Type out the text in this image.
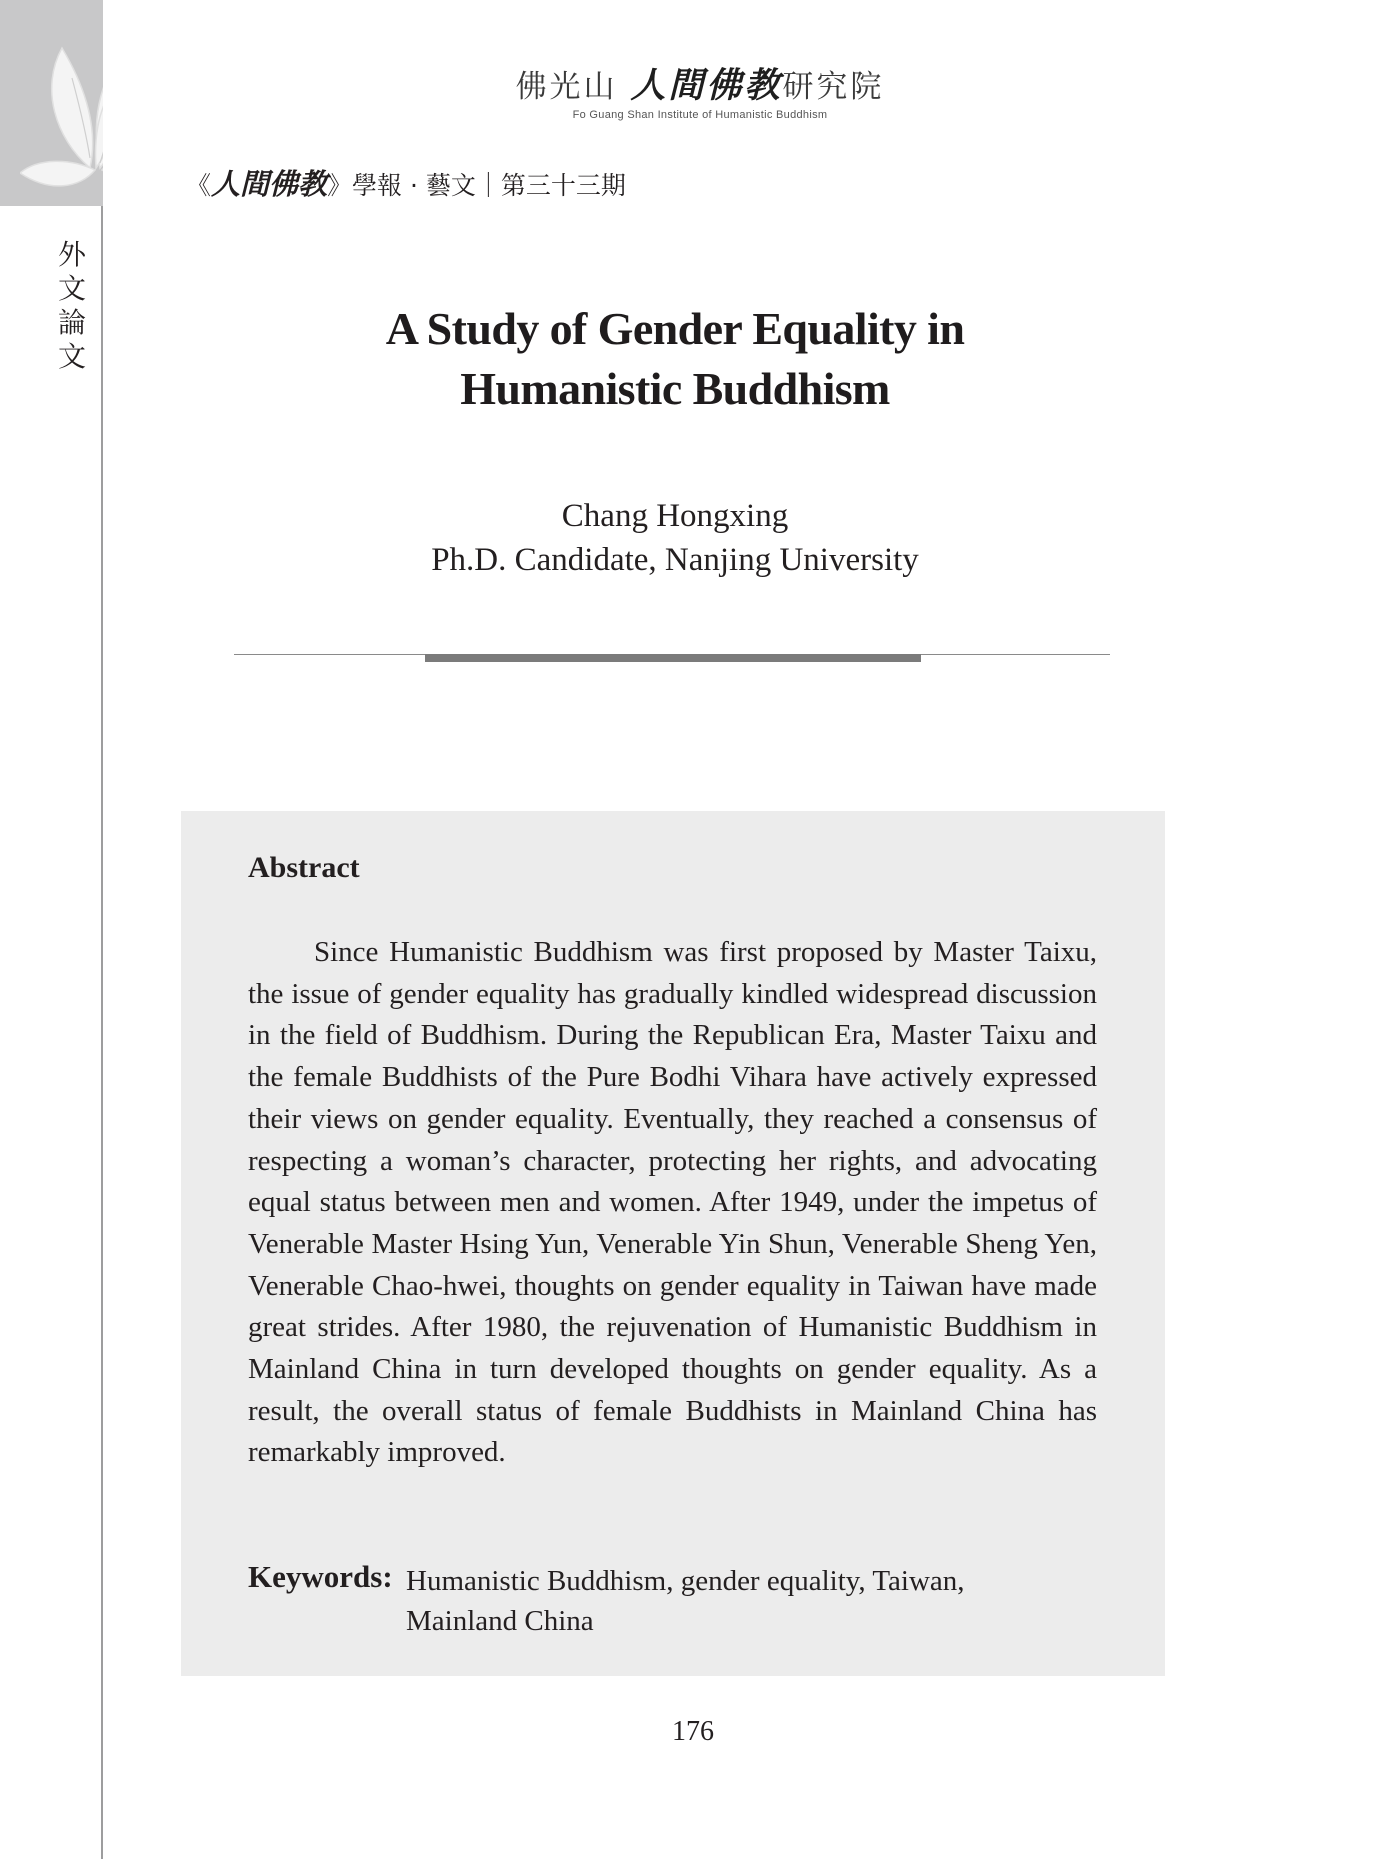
外文論文
佛光山 人間佛教研究院
Fo Guang Shan Institute of Humanistic Buddhism
《人間佛教》學報 · 藝文｜第三十三期
A Study of Gender Equality in
Humanistic Buddhism
Chang Hongxing
Ph.D. Candidate, Nanjing University
Abstract

Since Humanistic Buddhism was first proposed by Master Taixu, the issue of gender equality has gradually kindled widespread discussion in the field of Buddhism. During the Republican Era, Master Taixu and the female Buddhists of the Pure Bodhi Vihara have actively expressed their views on gender equality. Eventually, they reached a consensus of respecting a woman’s character, protecting her rights, and advocating equal status between men and women. After 1949, under the impetus of Venerable Master Hsing Yun, Venerable Yin Shun, Venerable Sheng Yen, Venerable Chao-hwei, thoughts on gender equality in Taiwan have made great strides. After 1980, the rejuvenation of Humanistic Buddhism in Mainland China in turn developed thoughts on gender equality. As a result, the overall status of female Buddhists in Mainland China has remarkably improved.

Keywords: Humanistic Buddhism, gender equality, Taiwan, Mainland China
176
